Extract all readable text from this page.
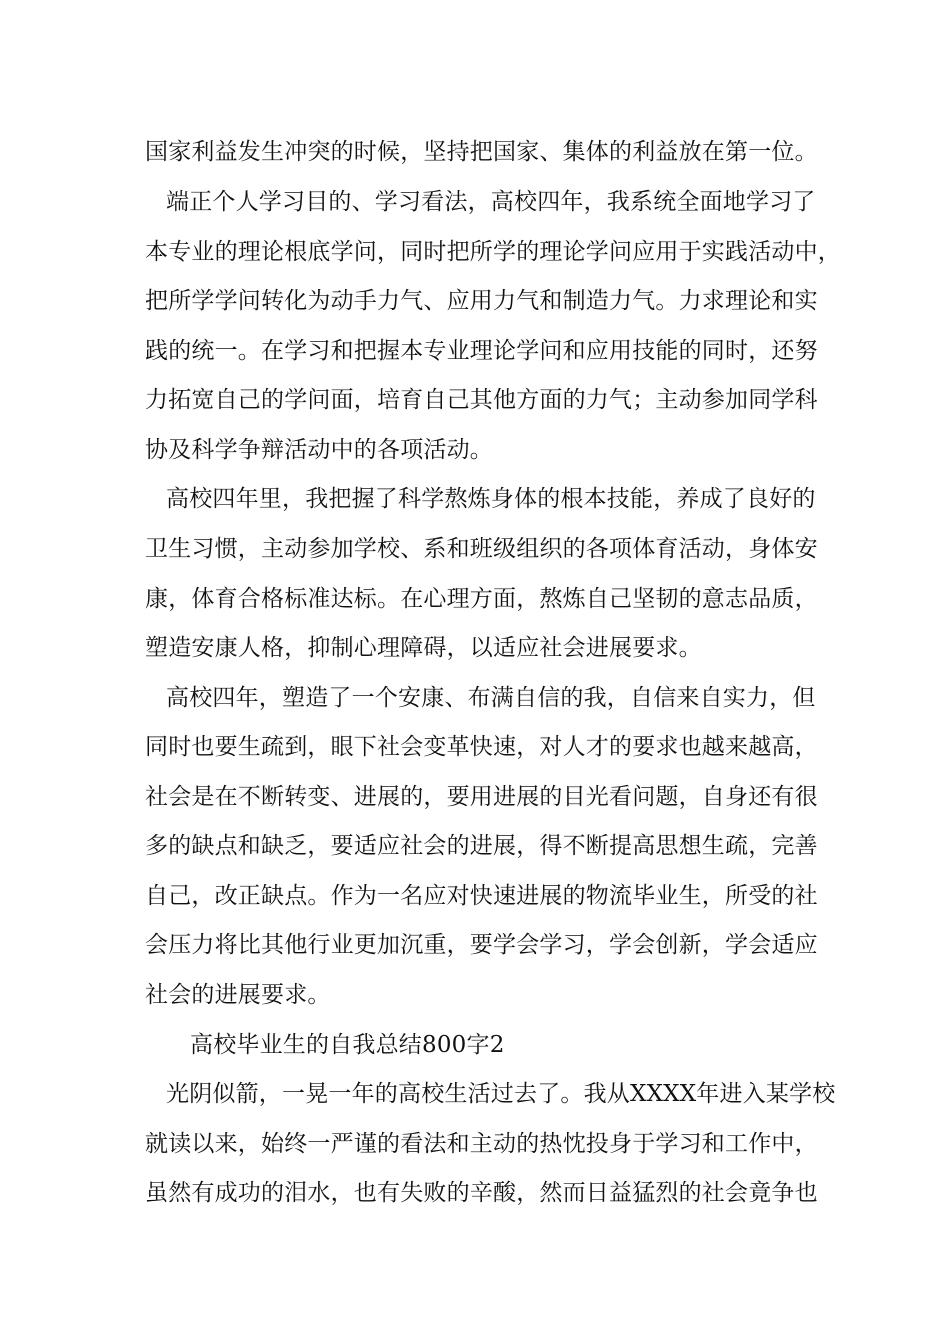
国家利益发生冲突的时候，坚持把国家、集体的利益放在第一位。
端正个人学习目的、学习看法，高校四年，我系统全面地学习了
本专业的理论根底学问，同时把所学的理论学问应用于实践活动中，
把所学学问转化为动手力气、应用力气和制造力气。力求理论和实
践的统一。在学习和把握本专业理论学问和应用技能的同时，还努
力拓宽自己的学问面，培育自己其他方面的力气；主动参加同学科
协及科学争辩活动中的各项活动。
高校四年里，我把握了科学熬炼身体的根本技能，养成了良好的
卫生习惯，主动参加学校、系和班级组织的各项体育活动，身体安
康，体育合格标准达标。在心理方面，熬炼自己坚韧的意志品质，
塑造安康人格，抑制心理障碍，以适应社会进展要求。
高校四年，塑造了一个安康、布满自信的我，自信来自实力，但
同时也要生疏到，眼下社会变革快速，对人才的要求也越来越高，
社会是在不断转变、进展的，要用进展的目光看问题，自身还有很
多的缺点和缺乏，要适应社会的进展，得不断提高思想生疏，完善
自己，改正缺点。作为一名应对快速进展的物流毕业生，所受的社
会压力将比其他行业更加沉重，要学会学习，学会创新，学会适应
社会的进展要求。
高校毕业生的自我总结800字2
光阴似箭，一晃一年的高校生活过去了。我从XXXX年进入某学校
就读以来，始终一严谨的看法和主动的热忱投身于学习和工作中，
虽然有成功的泪水，也有失败的辛酸，然而日益猛烈的社会竟争也
